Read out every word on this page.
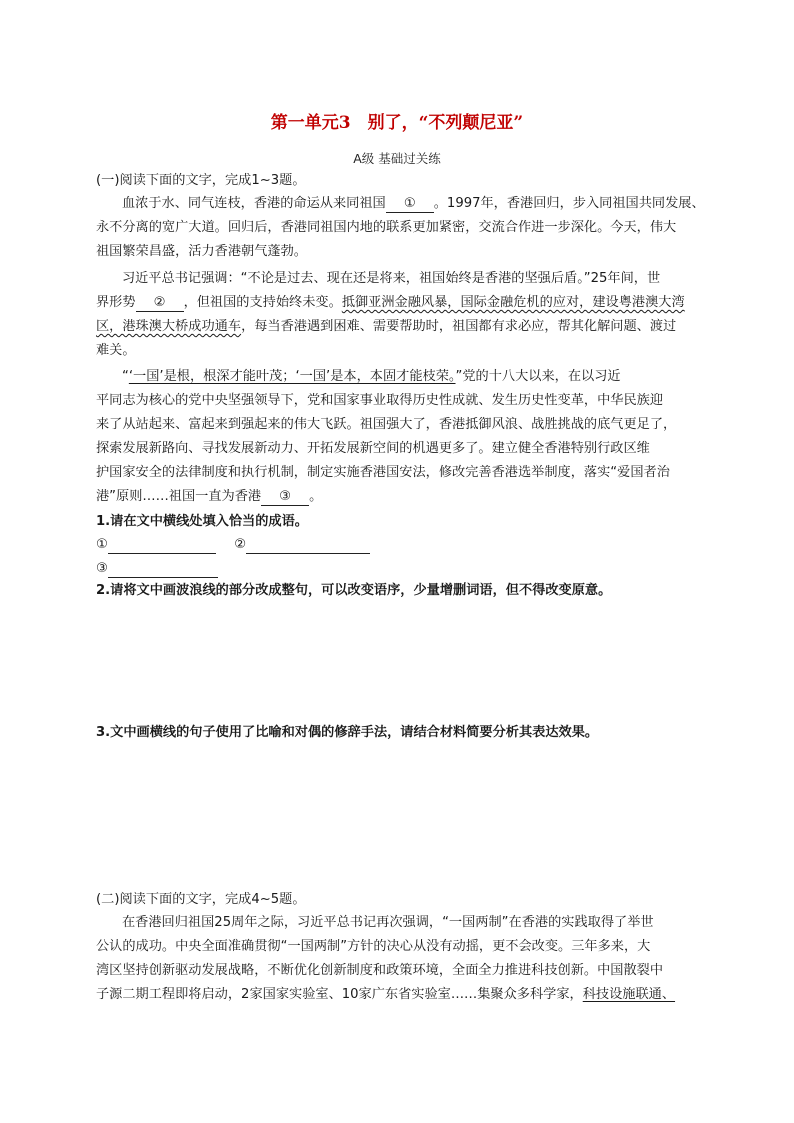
第一单元3　别了，“不列颠尼亚”
A级 基础过关练
(一)阅读下面的文字，完成1~3题。
血浓于水、同气连枝，香港的命运从来同祖国 ① 。1997年，香港回归，步入同祖国共同发展、
永不分离的宽广大道。回归后，香港同祖国内地的联系更加紧密，交流合作进一步深化。今天，伟大
祖国繁荣昌盛，活力香港朝气蓬勃。
习近平总书记强调：“不论是过去、现在还是将来，祖国始终是香港的坚强后盾。”25年间，世
界形势 ② ，但祖国的支持始终未变。抵御亚洲金融风暴，国际金融危机的应对，建设粤港澳大湾
区，港珠澳大桥成功通车，每当香港遇到困难、需要帮助时，祖国都有求必应，帮其化解问题、渡过
难关。
“‘一国’是根，根深才能叶茂；‘一国’是本，本固才能枝荣。”党的十八大以来，在以习近
平同志为核心的党中央坚强领导下，党和国家事业取得历史性成就、发生历史性变革，中华民族迎
来了从站起来、富起来到强起来的伟大飞跃。祖国强大了，香港抵御风浪、战胜挑战的底气更足了，
探索发展新路向、寻找发展新动力、开拓发展新空间的机遇更多了。建立健全香港特别行政区维
护国家安全的法律制度和执行机制，制定实施香港国安法，修改完善香港选举制度，落实“爱国者治
港”原则……祖国一直为香港 ③ 。
1.请在文中横线处填入恰当的成语。
①	②
③
2.请将文中画波浪线的部分改成整句，可以改变语序，少量增删词语，但不得改变原意。
3.文中画横线的句子使用了比喻和对偶的修辞手法，请结合材料简要分析其表达效果。
(二)阅读下面的文字，完成4~5题。
在香港回归祖国25周年之际，习近平总书记再次强调，“一国两制”在香港的实践取得了举世
公认的成功。中央全面准确贯彻“一国两制”方针的决心从没有动摇，更不会改变。三年多来，大
湾区坚持创新驱动发展战略，不断优化创新制度和政策环境，全面全力推进科技创新。中国散裂中
子源二期工程即将启动，2家国家实验室、10家广东省实验室……集聚众多科学家，科技设施联通、
